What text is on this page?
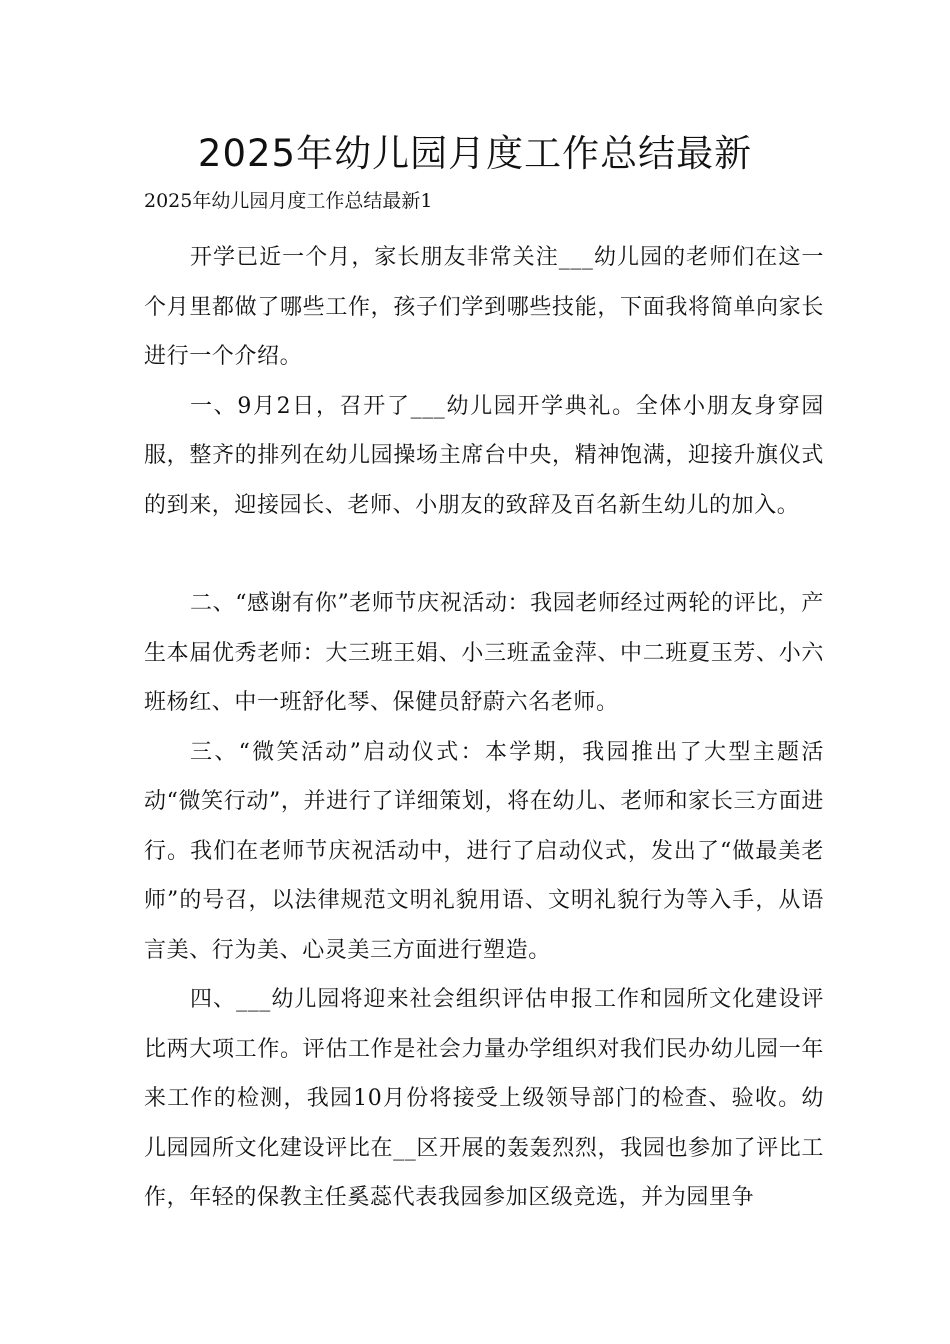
2025年幼儿园月度工作总结最新

2025年幼儿园月度工作总结最新1

开学已近一个月，家长朋友非常关注___幼儿园的老师们在这一个月里都做了哪些工作，孩子们学到哪些技能，下面我将简单向家长进行一个介绍。

一、9月2日，召开了___幼儿园开学典礼。全体小朋友身穿园服，整齐的排列在幼儿园操场主席台中央，精神饱满，迎接升旗仪式的到来，迎接园长、老师、小朋友的致辞及百名新生幼儿的加入。

二、“感谢有你”老师节庆祝活动：我园老师经过两轮的评比，产生本届优秀老师：大三班王娟、小三班孟金萍、中二班夏玉芳、小六班杨红、中一班舒化琴、保健员舒蔚六名老师。

三、“微笑活动”启动仪式：本学期，我园推出了大型主题活动“微笑行动”，并进行了详细策划，将在幼儿、老师和家长三方面进行。我们在老师节庆祝活动中，进行了启动仪式，发出了“做最美老师”的号召，以法律规范文明礼貌用语、文明礼貌行为等入手，从语言美、行为美、心灵美三方面进行塑造。

四、___幼儿园将迎来社会组织评估申报工作和园所文化建设评比两大项工作。评估工作是社会力量办学组织对我们民办幼儿园一年来工作的检测，我园10月份将接受上级领导部门的检查、验收。幼儿园园所文化建设评比在__区开展的轰轰烈烈，我园也参加了评比工作，年轻的保教主任奚蕊代表我园参加区级竞选，并为园里争
